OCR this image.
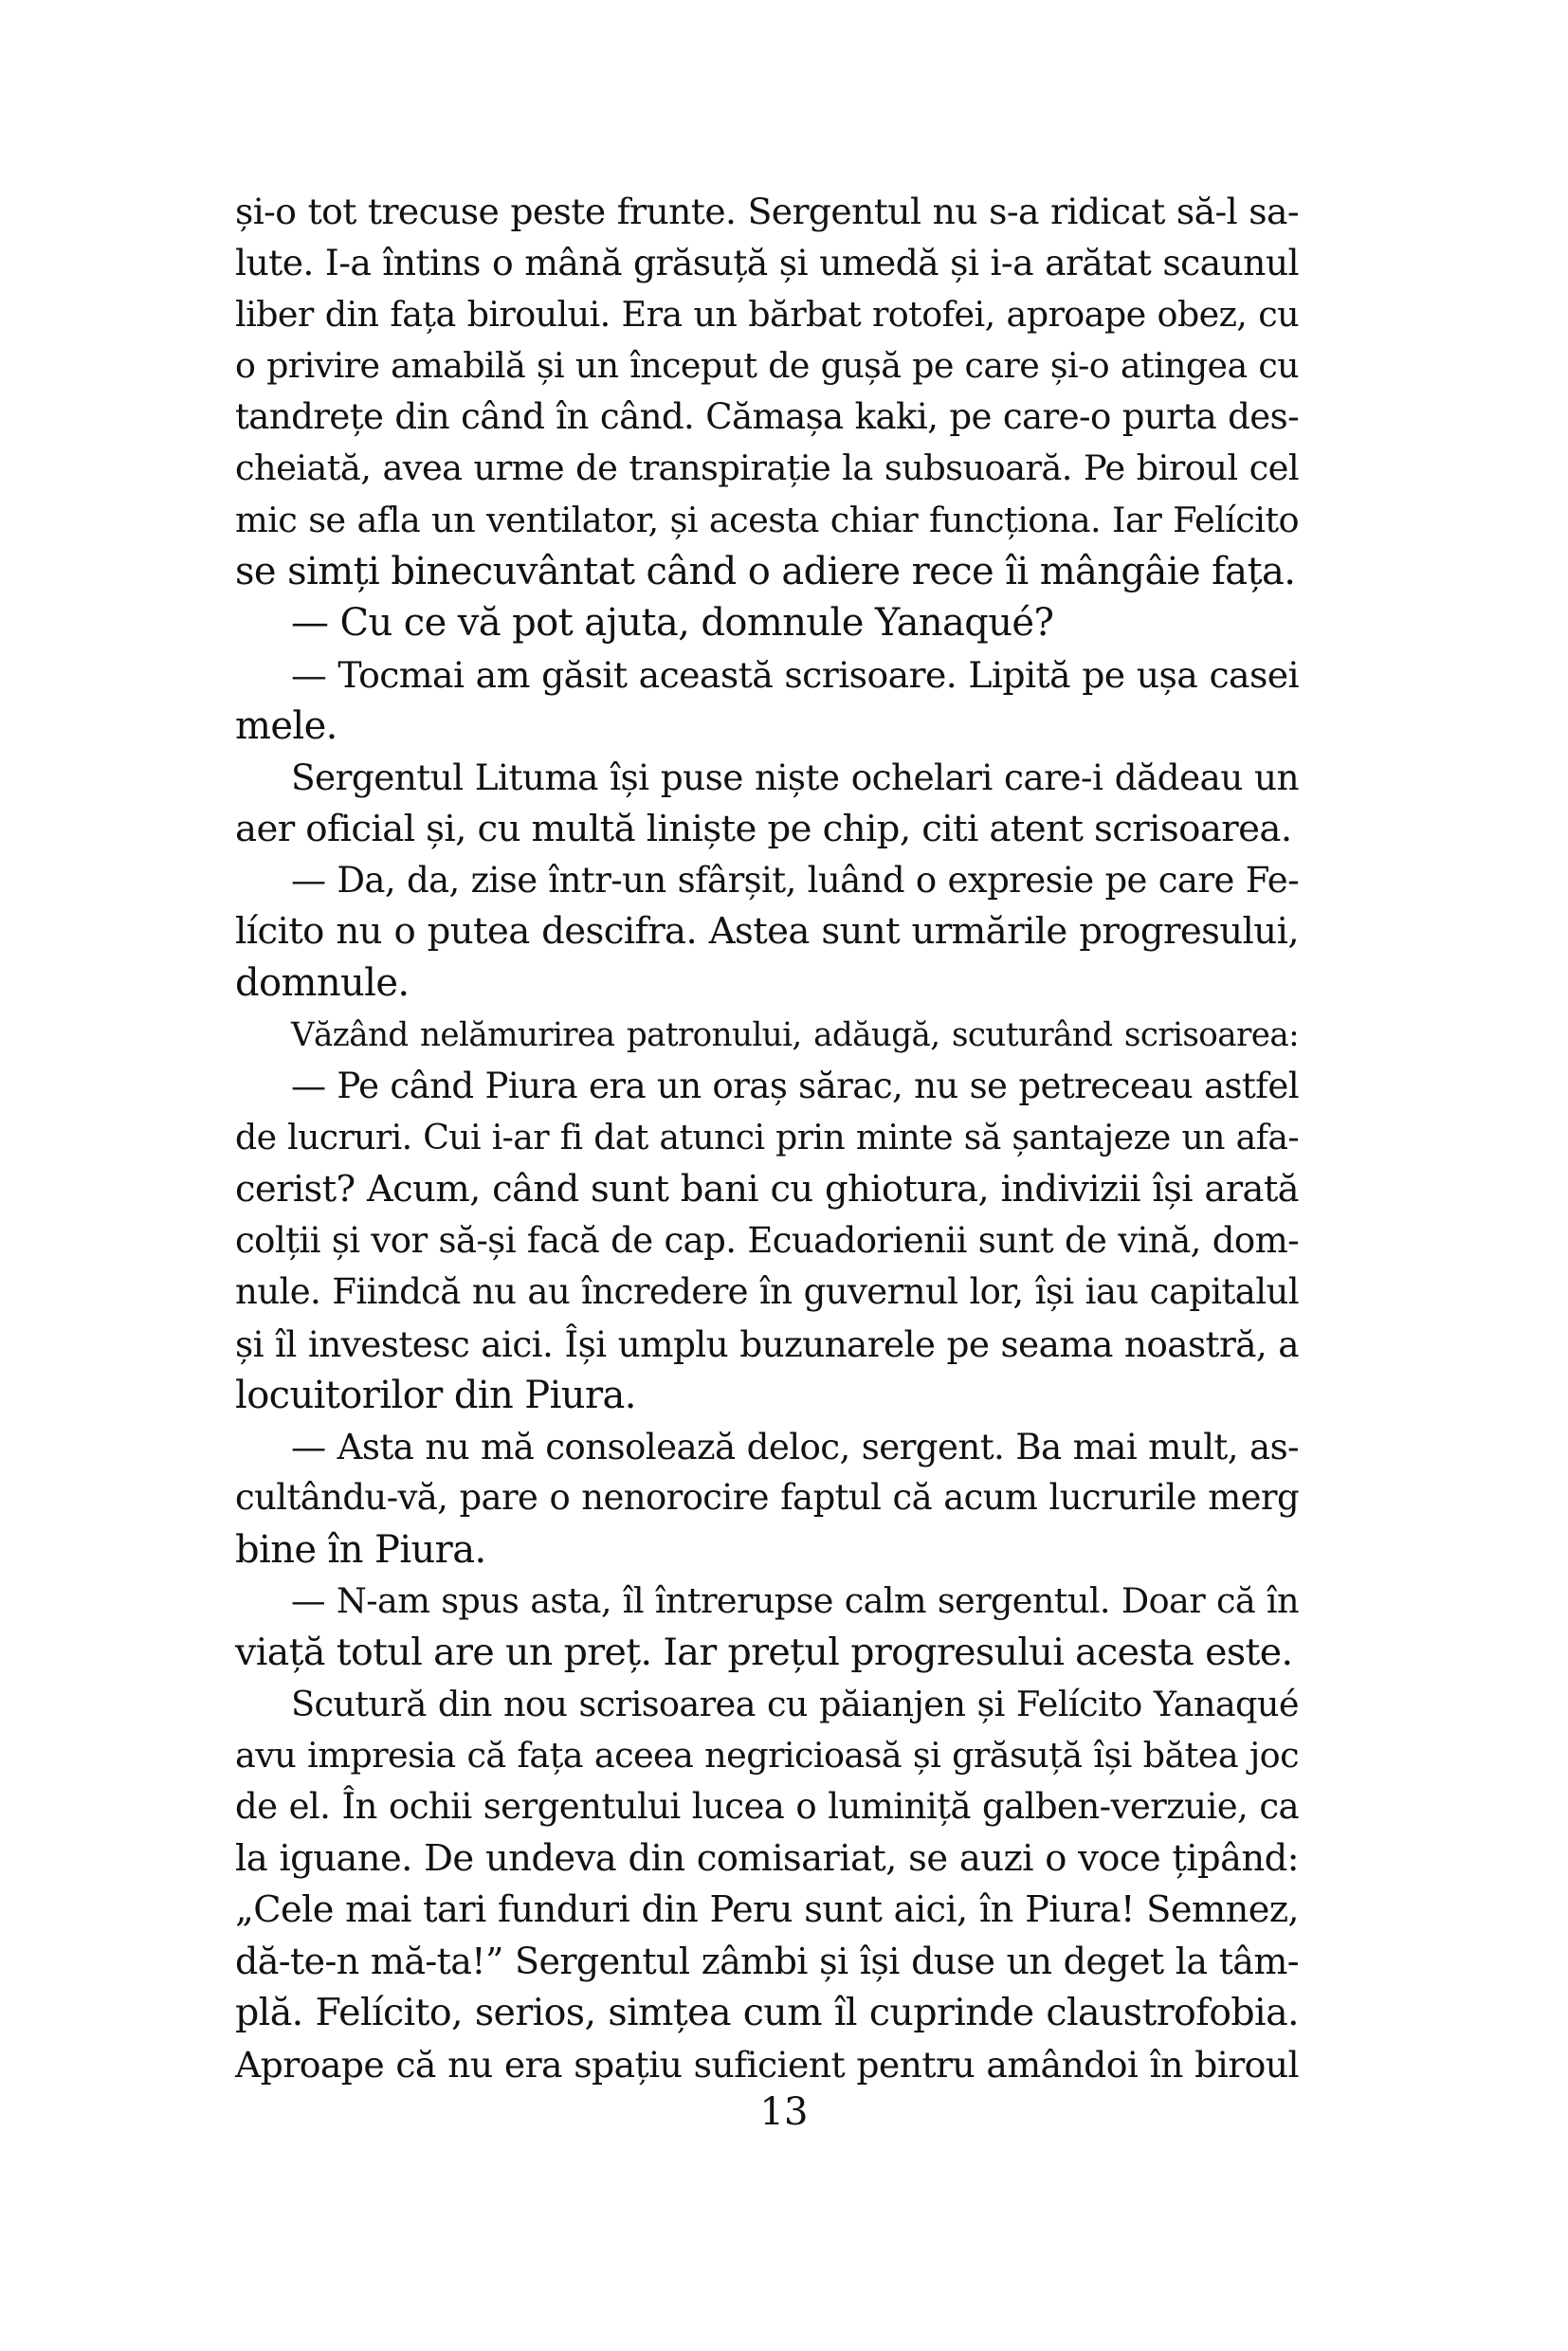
și-o tot trecuse peste frunte. Sergentul nu s-a ridicat să-l sa-
lute. I-a întins o mână grăsuță și umedă și i-a arătat scaunul
liber din fața biroului. Era un bărbat rotofei, aproape obez, cu
o privire amabilă și un început de gușă pe care și-o atingea cu
tandrețe din când în când. Cămașa kaki, pe care-o purta des-
cheiată, avea urme de transpirație la subsuoară. Pe biroul cel
mic se afla un ventilator, și acesta chiar funcționa. Iar Felícito
se simți binecuvântat când o adiere rece îi mângâie fața.
— Cu ce vă pot ajuta, domnule Yanaqué?
— Tocmai am găsit această scrisoare. Lipită pe ușa casei
mele.
Sergentul Lituma își puse niște ochelari care-i dădeau un
aer oficial și, cu multă liniște pe chip, citi atent scrisoarea.
— Da, da, zise într-un sfârșit, luând o expresie pe care Fe-
lícito nu o putea descifra. Astea sunt urmările progresului,
domnule.
Văzând nelămurirea patronului, adăugă, scuturând scrisoarea:
— Pe când Piura era un oraș sărac, nu se petreceau astfel
de lucruri. Cui i-ar fi dat atunci prin minte să șantajeze un afa-
cerist? Acum, când sunt bani cu ghiotura, indivizii își arată
colții și vor să-și facă de cap. Ecuadorienii sunt de vină, dom-
nule. Fiindcă nu au încredere în guvernul lor, își iau capitalul
și îl investesc aici. Își umplu buzunarele pe seama noastră, a
locuitorilor din Piura.
— Asta nu mă consolează deloc, sergent. Ba mai mult, as-
cultându-vă, pare o nenorocire faptul că acum lucrurile merg
bine în Piura.
— N-am spus asta, îl întrerupse calm sergentul. Doar că în
viață totul are un preț. Iar prețul progresului acesta este.
Scutură din nou scrisoarea cu păianjen și Felícito Yanaqué
avu impresia că fața aceea negricioasă și grăsuță își bătea joc
de el. În ochii sergentului lucea o luminiță galben-verzuie, ca
la iguane. De undeva din comisariat, se auzi o voce țipând:
„Cele mai tari funduri din Peru sunt aici, în Piura! Semnez,
dă-te-n mă-ta!” Sergentul zâmbi și își duse un deget la tâm-
plă. Felícito, serios, simțea cum îl cuprinde claustrofobia.
Aproape că nu era spațiu suficient pentru amândoi în biroul
13
